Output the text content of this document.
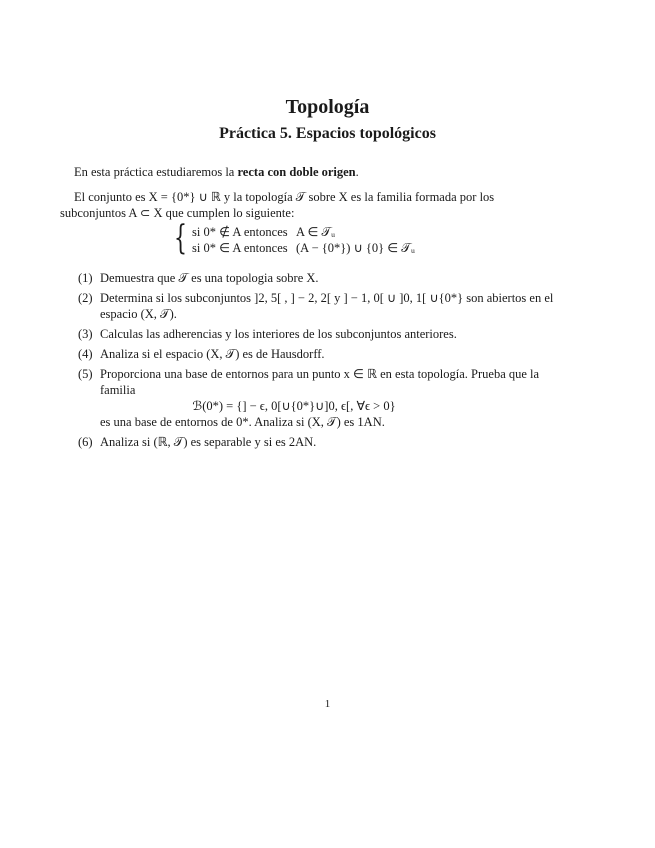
Topología
Práctica 5. Espacios topológicos
En esta práctica estudiaremos la recta con doble origen.
El conjunto es X = {0*} ∪ ℝ y la topología 𝒯 sobre X es la familia formada por los
subconjuntos A ⊂ X que cumplen lo siguiente:
{ si 0* ∉ A entonces A ∈ 𝒯ᵤ
si 0* ∈ A entonces (A − {0*}) ∪ {0} ∈ 𝒯ᵤ
(1) Demuestra que 𝒯 es una topologia sobre X.
(2) Determina si los subconjuntos ]2, 5[ , ] − 2, 2[ y ] − 1, 0[ ∪ ]0, 1[ ∪{0*} son abiertos en el espacio (X, 𝒯).
(3) Calculas las adherencias y los interiores de los subconjuntos anteriores.
(4) Analiza si el espacio (X, 𝒯) es de Hausdorff.
(5) Proporciona una base de entornos para un punto x ∈ ℝ en esta topología. Prueba que la familia
ℬ(0*) = {] − ϵ, 0[∪{0*}∪]0, ϵ[, ∀ϵ > 0}
es una base de entornos de 0*. Analiza si (X, 𝒯) es 1AN.
(6) Analiza si (ℝ, 𝒯) es separable y si es 2AN.
1
